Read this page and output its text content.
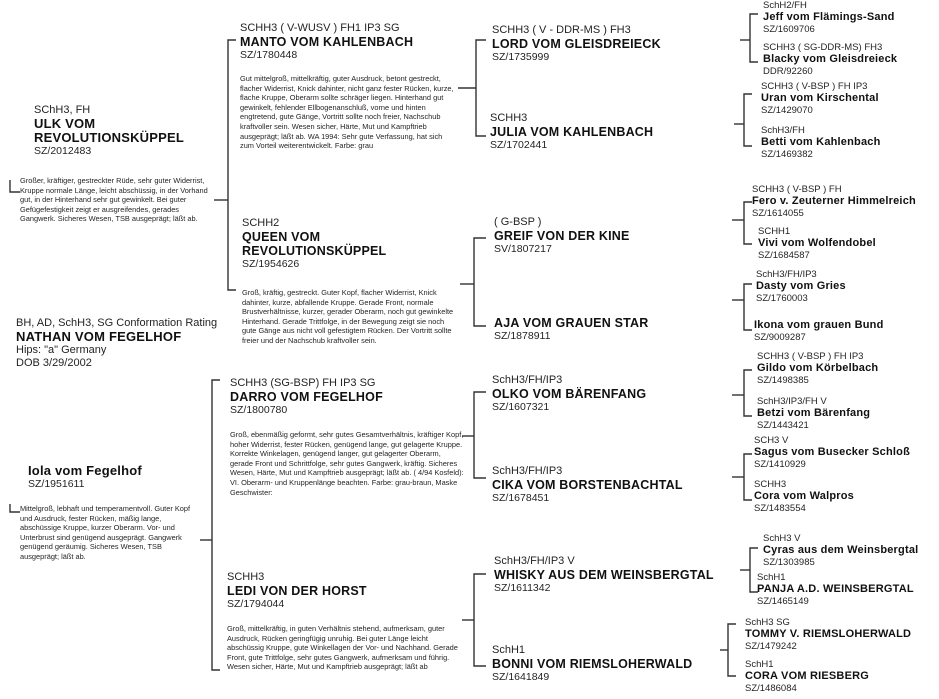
BH, AD, SchH3, SG Conformation Rating
NATHAN VOM FEGELHOF
Hips: "a" Germany
DOB 3/29/2002
SChH3, FH
ULK VOM REVOLUTIONSKÜPPEL
SZ/2012483
Großer, kräftiger, gestreckter Rüde, sehr guter Widerrist, Kruppe normale Länge, leicht abschüssig, in der Vorhand gut, in der Hinterhand sehr gut gewinkelt. Bei guter Gefügefestigkeit zeigt er ausgreifendes, gerades Gangwerk. Sicheres Wesen, TSB ausgeprägt; läßt ab.
Iola vom Fegelhof
SZ/1951611
Mittelgroß, lebhaft und temperamentvoll. Guter Kopf und Ausdruck, fester Rücken, mäßig lange, abschüssige Kruppe, kurzer Oberarm. Vor- und Unterbrust sind genügend ausgeprägt. Gangwerk genügend geräumig. Sicheres Wesen, TSB ausgeprägt; läßt ab.
SCHH3 ( V-WUSV ) FH1 IP3 SG
MANTO VOM KAHLENBACH
SZ/1780448
Gut mittelgroß, mittelkräftig, guter Ausdruck, betont gestreckt, flacher Widerrist, Knick dahinter, nicht ganz fester Rücken, kurze, flache Kruppe, Oberarm sollte schräger liegen. Hinterhand gut gewinkelt, fehlender Ellbogenanschluß, vorne und hinten engtretend, gute Gänge, Vortritt sollte noch freier, Nachschub kraftvoller sein. Wesen sicher, Härte, Mut und Kampftrieb ausgeprägt; läßt ab. WA 1994: Sehr gute Verfassung, hat sich zum Vorteil weiterentwickelt. Farbe: grau
SCHH2
QUEEN VOM REVOLUTIONSKÜPPEL
SZ/1954626
Groß, kräftig, gestreckt. Guter Kopf, flacher Widerrist, Knick dahinter, kurze, abfallende Kruppe. Gerade Front, normale Brustverhältnisse, kurzer, gerader Oberarm, noch gut gewinkelte Hinterhand. Gerade Trittfolge, in der Bewegung zeigt sie noch gute Gänge aus nicht voll gefestigtem Rücken. Der Vortritt sollte freier und der Nachschub kraftvoller sein.
SCHH3 (SG-BSP) FH IP3 SG
DARRO VOM FEGELHOF
SZ/1800780
Groß, ebenmäßig geformt, sehr gutes Gesamtverhältnis, kräftiger Kopf, hoher Widerrist, fester Rücken, genügend lange, gut gelagerte Kruppe. Korrekte Winkelagen, genügend langer, gut gelagerter Oberarm, gerade Front und Schrittfolge, sehr gutes Gangwerk, kräftig. Sicheres Wesen, Härte, Mut und Kampftrieb ausgeprägt; läßt ab. ( 4/94 Kosfeld): VI. Oberarm- und Kruppenlänge beachten. Farbe: grau-braun, Maske Geschwister:
SCHH3
LEDI VON DER HORST
SZ/1794044
Groß, mittelkräftig, in guten Verhältnis stehend, aufmerksam, guter Ausdruck, Rücken geringfügig unruhig. Bei guter Länge leicht abschüssig Kruppe, gute Winkellagen der Vor- und Nachhand. Gerade Front, gute Trittfolge, sehr gutes Gangwerk, aufmerksam und führig. Wesen sicher, Härte, Mut und Kampftrieb ausgeprägt; läßt ab
SCHH3 ( V - DDR-MS ) FH3
LORD VOM GLEISDREIECK
SZ/1735999
SCHH3
JULIA VOM KAHLENBACH
SZ/1702441
( G-BSP )
GREIF VON DER KINE
SV/1807217
AJA VOM GRAUEN STAR
SZ/1878911
SchH3/FH/IP3
OLKO VOM BÄRENFANG
SZ/1607321
SchH3/FH/IP3
CIKA VOM BORSTENBACHTAL
SZ/1678451
SchH3/FH/IP3 V
WHISKY AUS DEM WEINSBERGTAL
SZ/1611342
SchH1
BONNI VOM RIEMSLOHERWALD
SZ/1641849
SchH2/FH
Jeff vom Flämings-Sand
SZ/1609706
SCHH3 ( SG-DDR-MS) FH3
Blacky vom Gleisdreieck
DDR/92260
SCHH3 ( V-BSP ) FH IP3
Uran vom Kirschental
SZ/1429070
SchH3/FH
Betti vom Kahlenbach
SZ/1469382
SCHH3 ( V-BSP ) FH
Fero v. Zeuterner Himmelreich
SZ/1614055
SCHH1
Vivi vom Wolfendobel
SZ/1684587
SchH3/FH/IP3
Dasty vom Gries
SZ/1760003
Ikona vom grauen Bund
SZ/9009287
SCHH3 ( V-BSP ) FH IP3
Gildo vom Körbelbach
SZ/1498385
SchH3/IP3/FH V
Betzi vom Bärenfang
SZ/1443421
SCH3 V
Sagus vom Busecker Schloß
SZ/1410929
SCHH3
Cora vom Walpros
SZ/1483554
SchH3 V
Cyras aus dem Weinsbergtal
SZ/1303985
SchH1
PANJA A.D. WEINSBERGTAL
SZ/1465149
SchH3 SG
TOMMY V. RIEMSLOHERWALD
SZ/1479242
SchH1
CORA VOM RIESBERG
SZ/1486084
